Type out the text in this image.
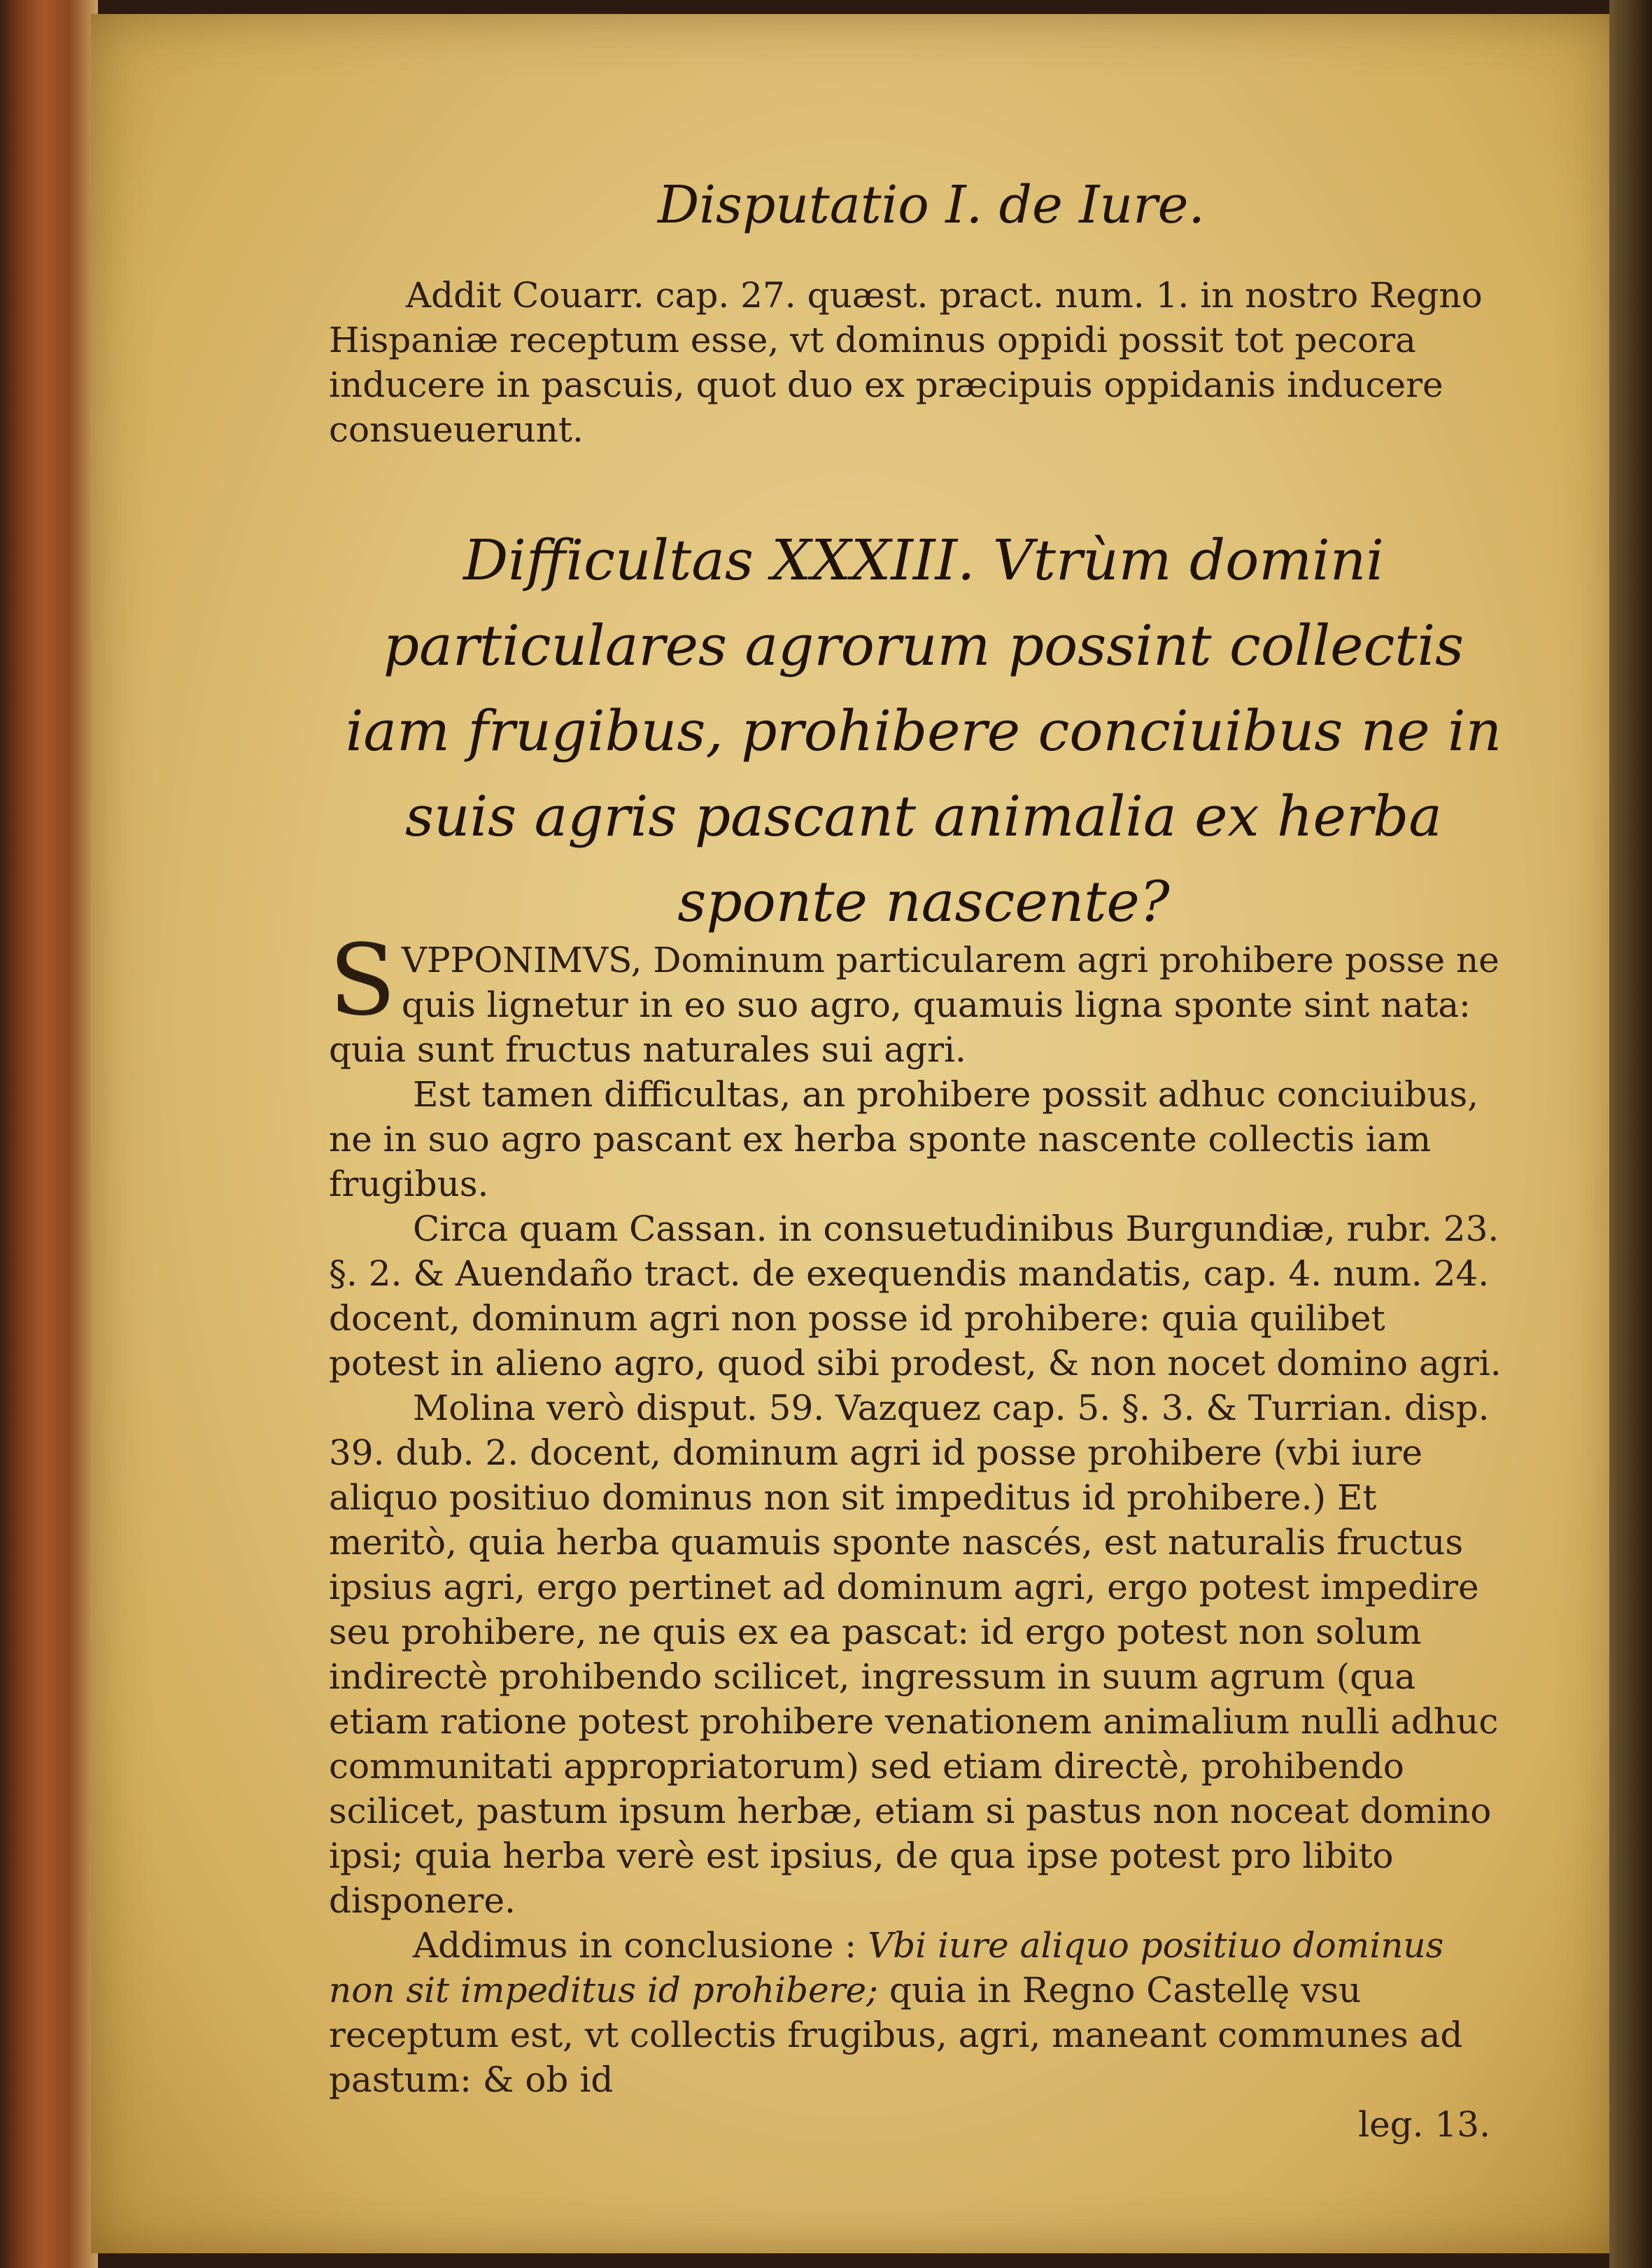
Disputatio I. de Iure.

Addit Couarr. cap. 27. quæst. pract. num. 1. in nostro Regno Hispaniæ receptum esse, vt dominus oppidi possit tot pecora inducere in pascuis, quot duo ex præcipuis oppidanis inducere consueuerunt.

Difficultas XXXIII. Vtrùm domini particulares agrorum possint collectis iam frugibus, prohibere conciuibus ne in suis agris pascant animalia ex herba sponte nascente?

SVPPONIMVS, Dominum particularem agri prohibere posse ne quis lignetur in eo suo agro, quamuis ligna sponte sint nata: quia sunt fructus naturales sui agri.

Est tamen difficultas, an prohibere possit adhuc conciuibus, ne in suo agro pascant ex herba sponte nascente collectis iam frugibus.

Circa quam Cassan. in consuetudinibus Burgundiæ, rubr. 23. §. 2. & Auendaño tract. de exequendis mandatis, cap. 4. num. 24. docent, dominum agri non posse id prohibere: quia quilibet potest in alieno agro, quod sibi prodest, & non nocet domino agri.

Molina verò disput. 59. Vazquez cap. 5. §. 3. & Turrian. disp. 39. dub. 2. docent, dominum agri id posse prohibere (vbi iure aliquo positiuo dominus non sit impeditus id prohibere.) Et meritò, quia herba quamuis sponte nascés, est naturalis fructus ipsius agri, ergo pertinet ad dominum agri, ergo potest impedire seu prohibere, ne quis ex ea pascat: id ergo potest non solum indirectè prohibendo scilicet, ingressum in suum agrum (qua etiam ratione potest prohibere venationem animalium nulli adhuc communitati appropriatorum) sed etiam directè, prohibendo scilicet, pastum ipsum herbæ, etiam si pastus non noceat domino ipsi; quia herba verè est ipsius, de qua ipse potest pro libito disponere.

Addimus in conclusione : Vbi iure aliquo positiuo dominus non sit impeditus id prohibere; quia in Regno Castellę vsu receptum est, vt collectis frugibus, agri, maneant communes ad pastum: & ob id

leg. 13.
